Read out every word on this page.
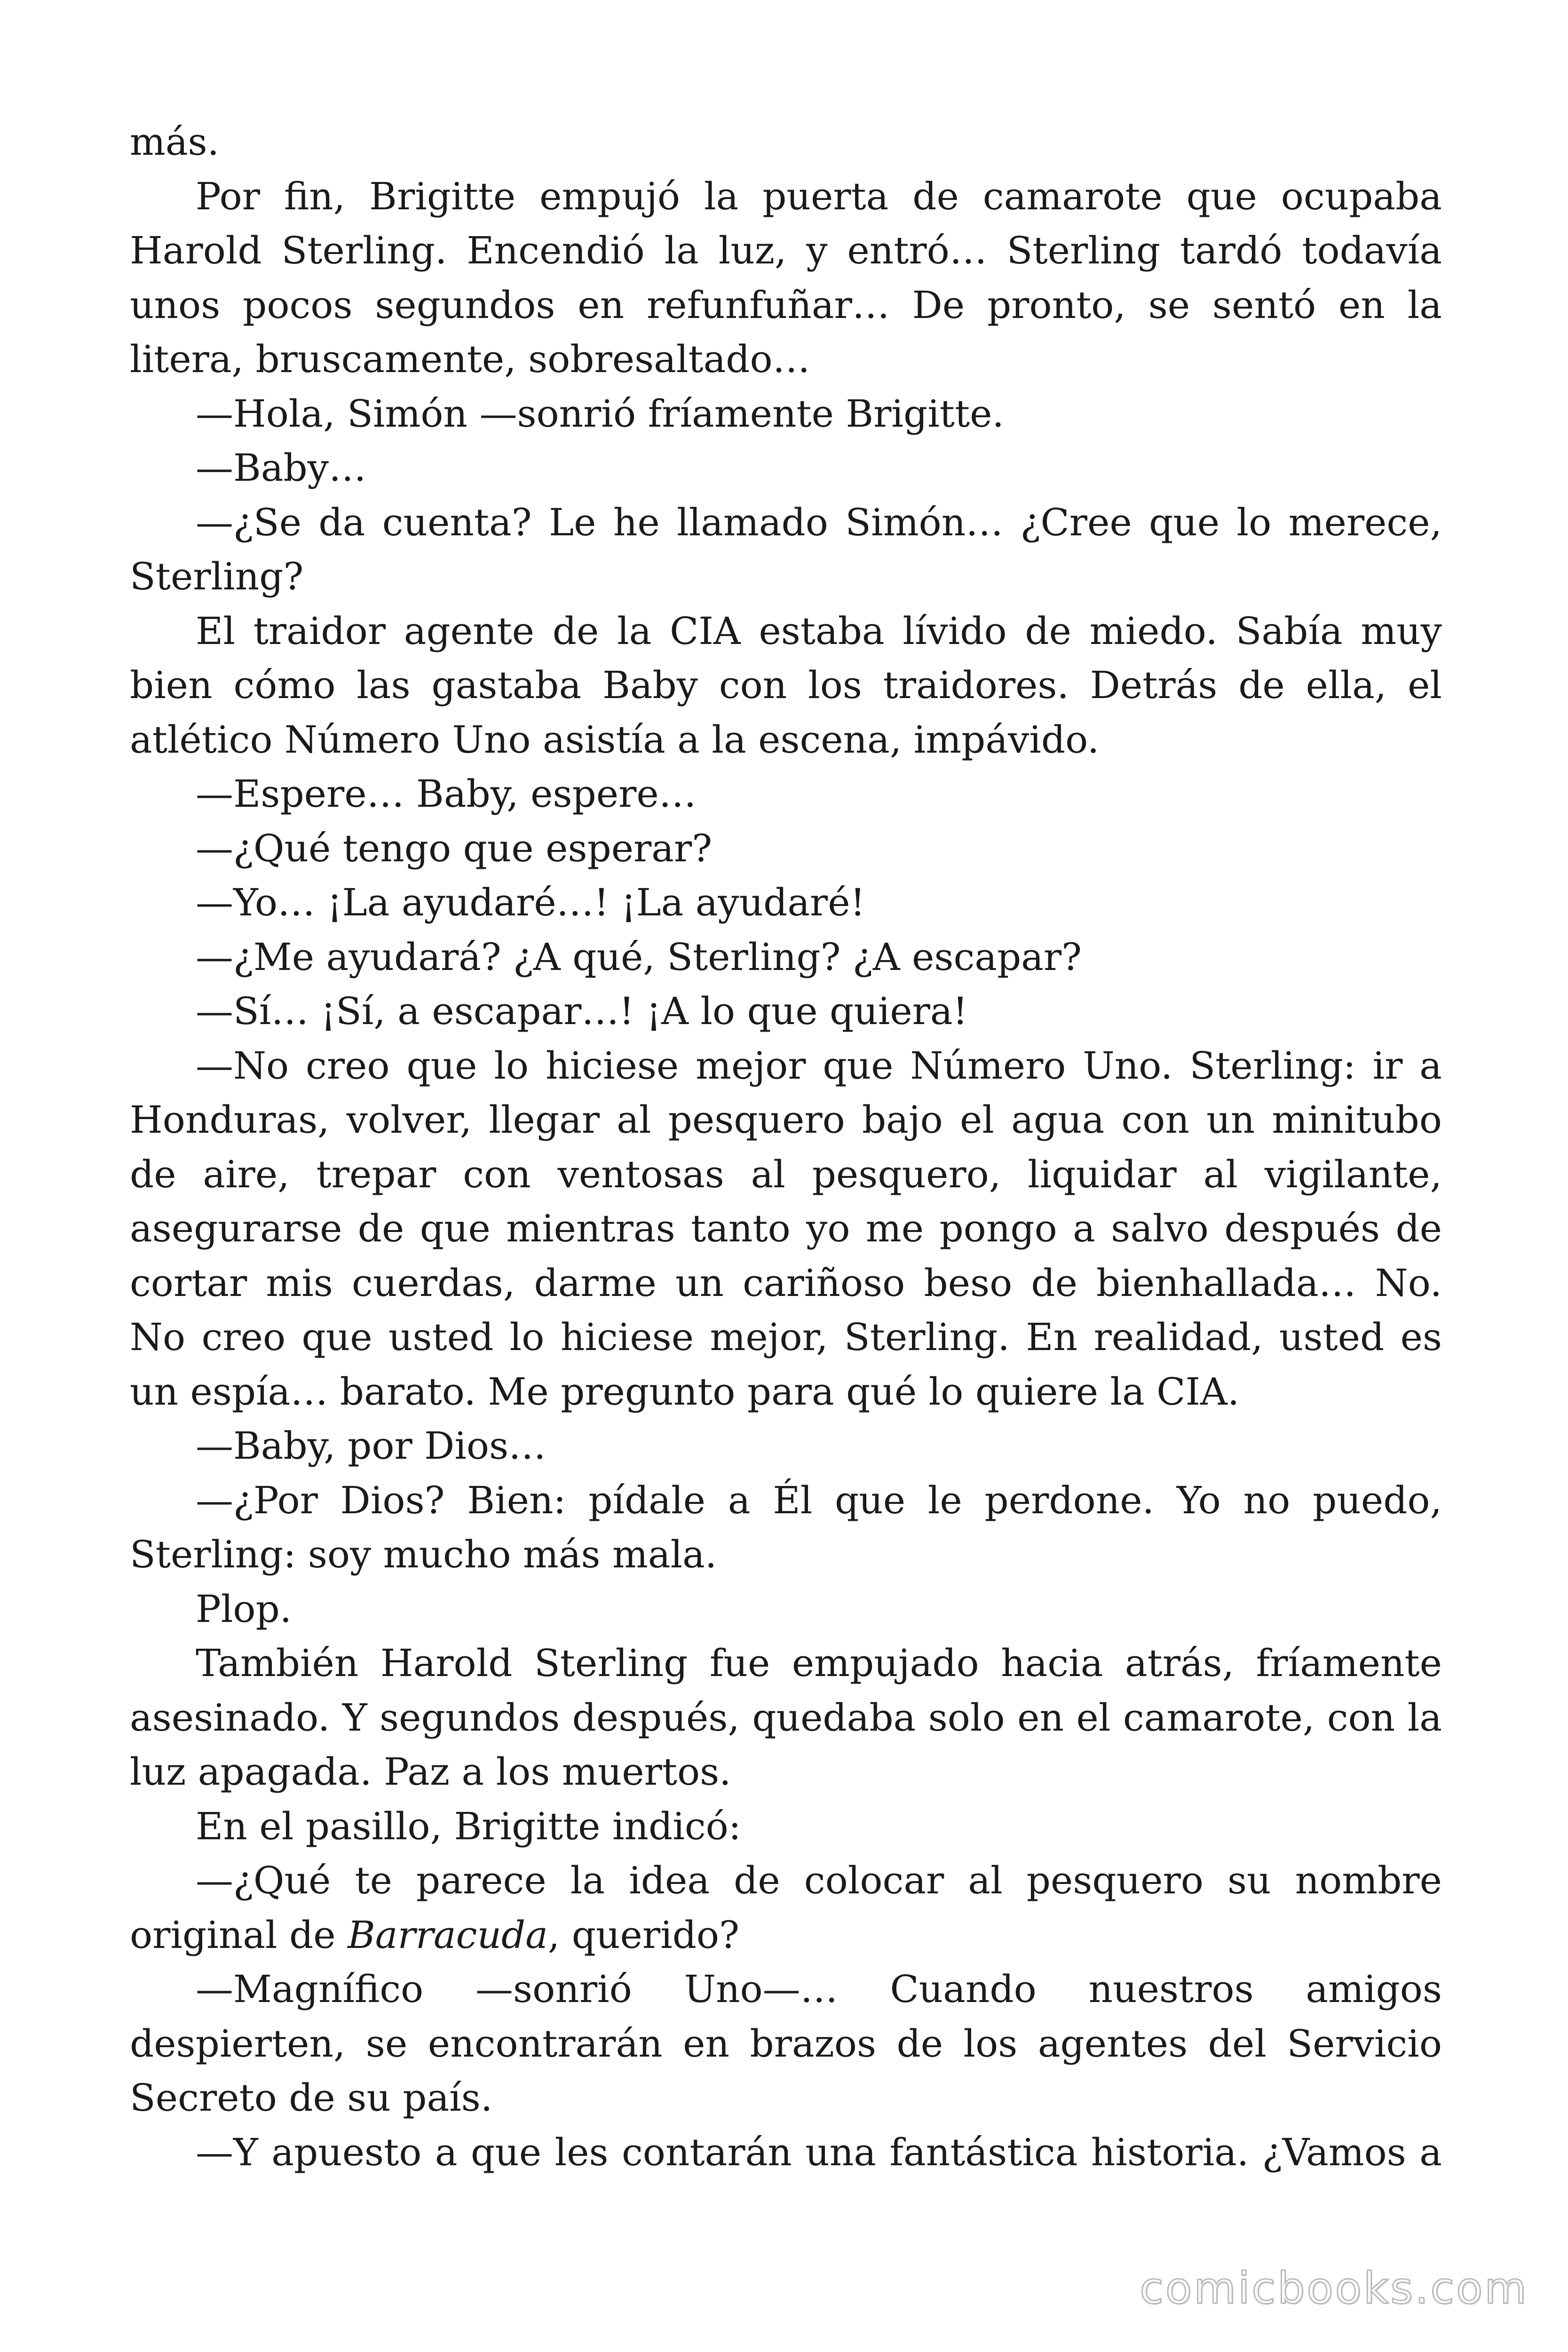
más.

Por fin, Brigitte empujó la puerta de camarote que ocupaba Harold Sterling. Encendió la luz, y entró… Sterling tardó todavía unos pocos segundos en refunfuñar… De pronto, se sentó en la litera, bruscamente, sobresaltado…

—Hola, Simón —sonrió fríamente Brigitte.

—Baby…

—¿Se da cuenta? Le he llamado Simón… ¿Cree que lo merece, Sterling?

El traidor agente de la CIA estaba lívido de miedo. Sabía muy bien cómo las gastaba Baby con los traidores. Detrás de ella, el atlético Número Uno asistía a la escena, impávido.

—Espere… Baby, espere…

—¿Qué tengo que esperar?

—Yo… ¡La ayudaré…! ¡La ayudaré!

—¿Me ayudará? ¿A qué, Sterling? ¿A escapar?

—Sí… ¡Sí, a escapar…! ¡A lo que quiera!

—No creo que lo hiciese mejor que Número Uno. Sterling: ir a Honduras, volver, llegar al pesquero bajo el agua con un minitubo de aire, trepar con ventosas al pesquero, liquidar al vigilante, asegurarse de que mientras tanto yo me pongo a salvo después de cortar mis cuerdas, darme un cariñoso beso de bienhallada… No. No creo que usted lo hiciese mejor, Sterling. En realidad, usted es un espía… barato. Me pregunto para qué lo quiere la CIA.

—Baby, por Dios…

—¿Por Dios? Bien: pídale a Él que le perdone. Yo no puedo, Sterling: soy mucho más mala.

Plop.

También Harold Sterling fue empujado hacia atrás, fríamente asesinado. Y segundos después, quedaba solo en el camarote, con la luz apagada. Paz a los muertos.

En el pasillo, Brigitte indicó:

—¿Qué te parece la idea de colocar al pesquero su nombre original de Barracuda, querido?

—Magnífico —sonrió Uno—… Cuando nuestros amigos despierten, se encontrarán en brazos de los agentes del Servicio Secreto de su país.

—Y apuesto a que les contarán una fantástica historia. ¿Vamos a

comicbooks.com
